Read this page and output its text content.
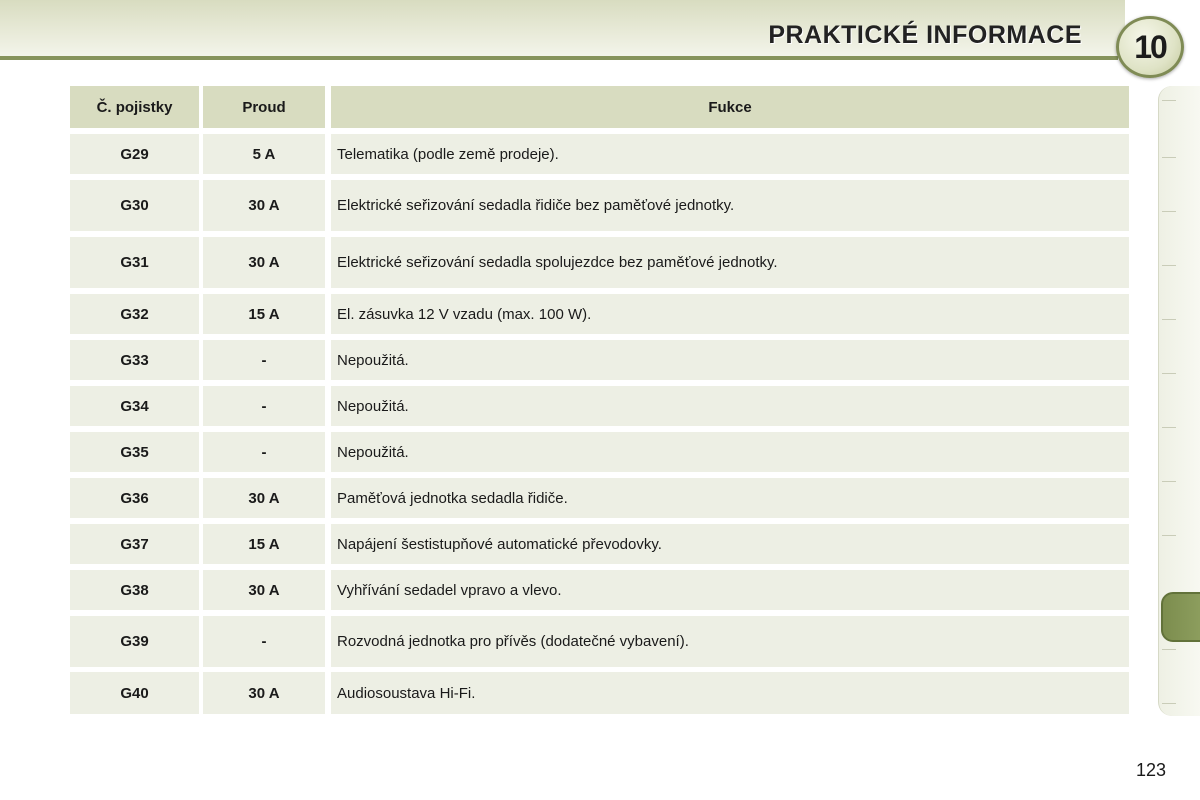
PRAKTICKÉ INFORMACE 10
Č. pojistky	Proud	Fukce
G29	5 A	Telematika (podle země prodeje).
G30	30 A	Elektrické seřizování sedadla řidiče bez paměťové jednotky.
G31	30 A	Elektrické seřizování sedadla spolujezdce bez paměťové jednotky.
G32	15 A	El. zásuvka 12 V vzadu (max. 100 W).
G33	-	Nepoužitá.
G34	-	Nepoužitá.
G35	-	Nepoužitá.
G36	30 A	Paměťová jednotka sedadla řidiče.
G37	15 A	Napájení šestistupňové automatické převodovky.
G38	30 A	Vyhřívání sedadel vpravo a vlevo.
G39	-	Rozvodná jednotka pro přívěs (dodatečné vybavení).
G40	30 A	Audiosoustava Hi-Fi.
123
